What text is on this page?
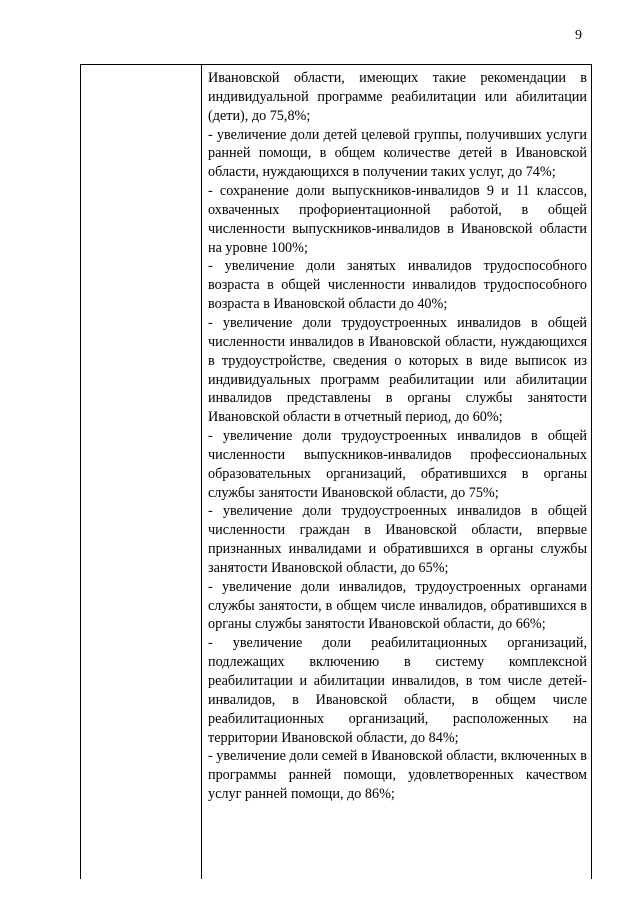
9

Ивановской области, имеющих такие рекомендации в индивидуальной программе реабилитации или абилитации (дети), до 75,8%;

- увеличение доли детей целевой группы, получивших услуги ранней помощи, в общем количестве детей в Ивановской области, нуждающихся в получении таких услуг, до 74%;

- сохранение доли выпускников-инвалидов 9 и 11 классов, охваченных профориентационной работой, в общей численности выпускников-инвалидов в Ивановской области на уровне 100%;

- увеличение доли занятых инвалидов трудоспособного возраста в общей численности инвалидов трудоспособного возраста в Ивановской области до 40%;

- увеличение доли трудоустроенных инвалидов в общей численности инвалидов в Ивановской области, нуждающихся в трудоустройстве, сведения о которых в виде выписок из индивидуальных программ реабилитации или абилитации инвалидов представлены в органы службы занятости Ивановской области в отчетный период, до 60%;

- увеличение доли трудоустроенных инвалидов в общей численности выпускников-инвалидов профессиональных образовательных организаций, обратившихся в органы службы занятости Ивановской области, до 75%;

- увеличение доли трудоустроенных инвалидов в общей численности граждан в Ивановской области, впервые признанных инвалидами и обратившихся в органы службы занятости Ивановской области, до 65%;

- увеличение доли инвалидов, трудоустроенных органами службы занятости, в общем числе инвалидов, обратившихся в органы службы занятости Ивановской области, до 66%;

- увеличение доли реабилитационных организаций, подлежащих включению в систему комплексной реабилитации и абилитации инвалидов, в том числе детей-инвалидов, в Ивановской области, в общем числе реабилитационных организаций, расположенных на территории Ивановской области, до 84%;

- увеличение доли семей в Ивановской области, включенных в программы ранней помощи, удовлетворенных качеством услуг ранней помощи, до 86%;
